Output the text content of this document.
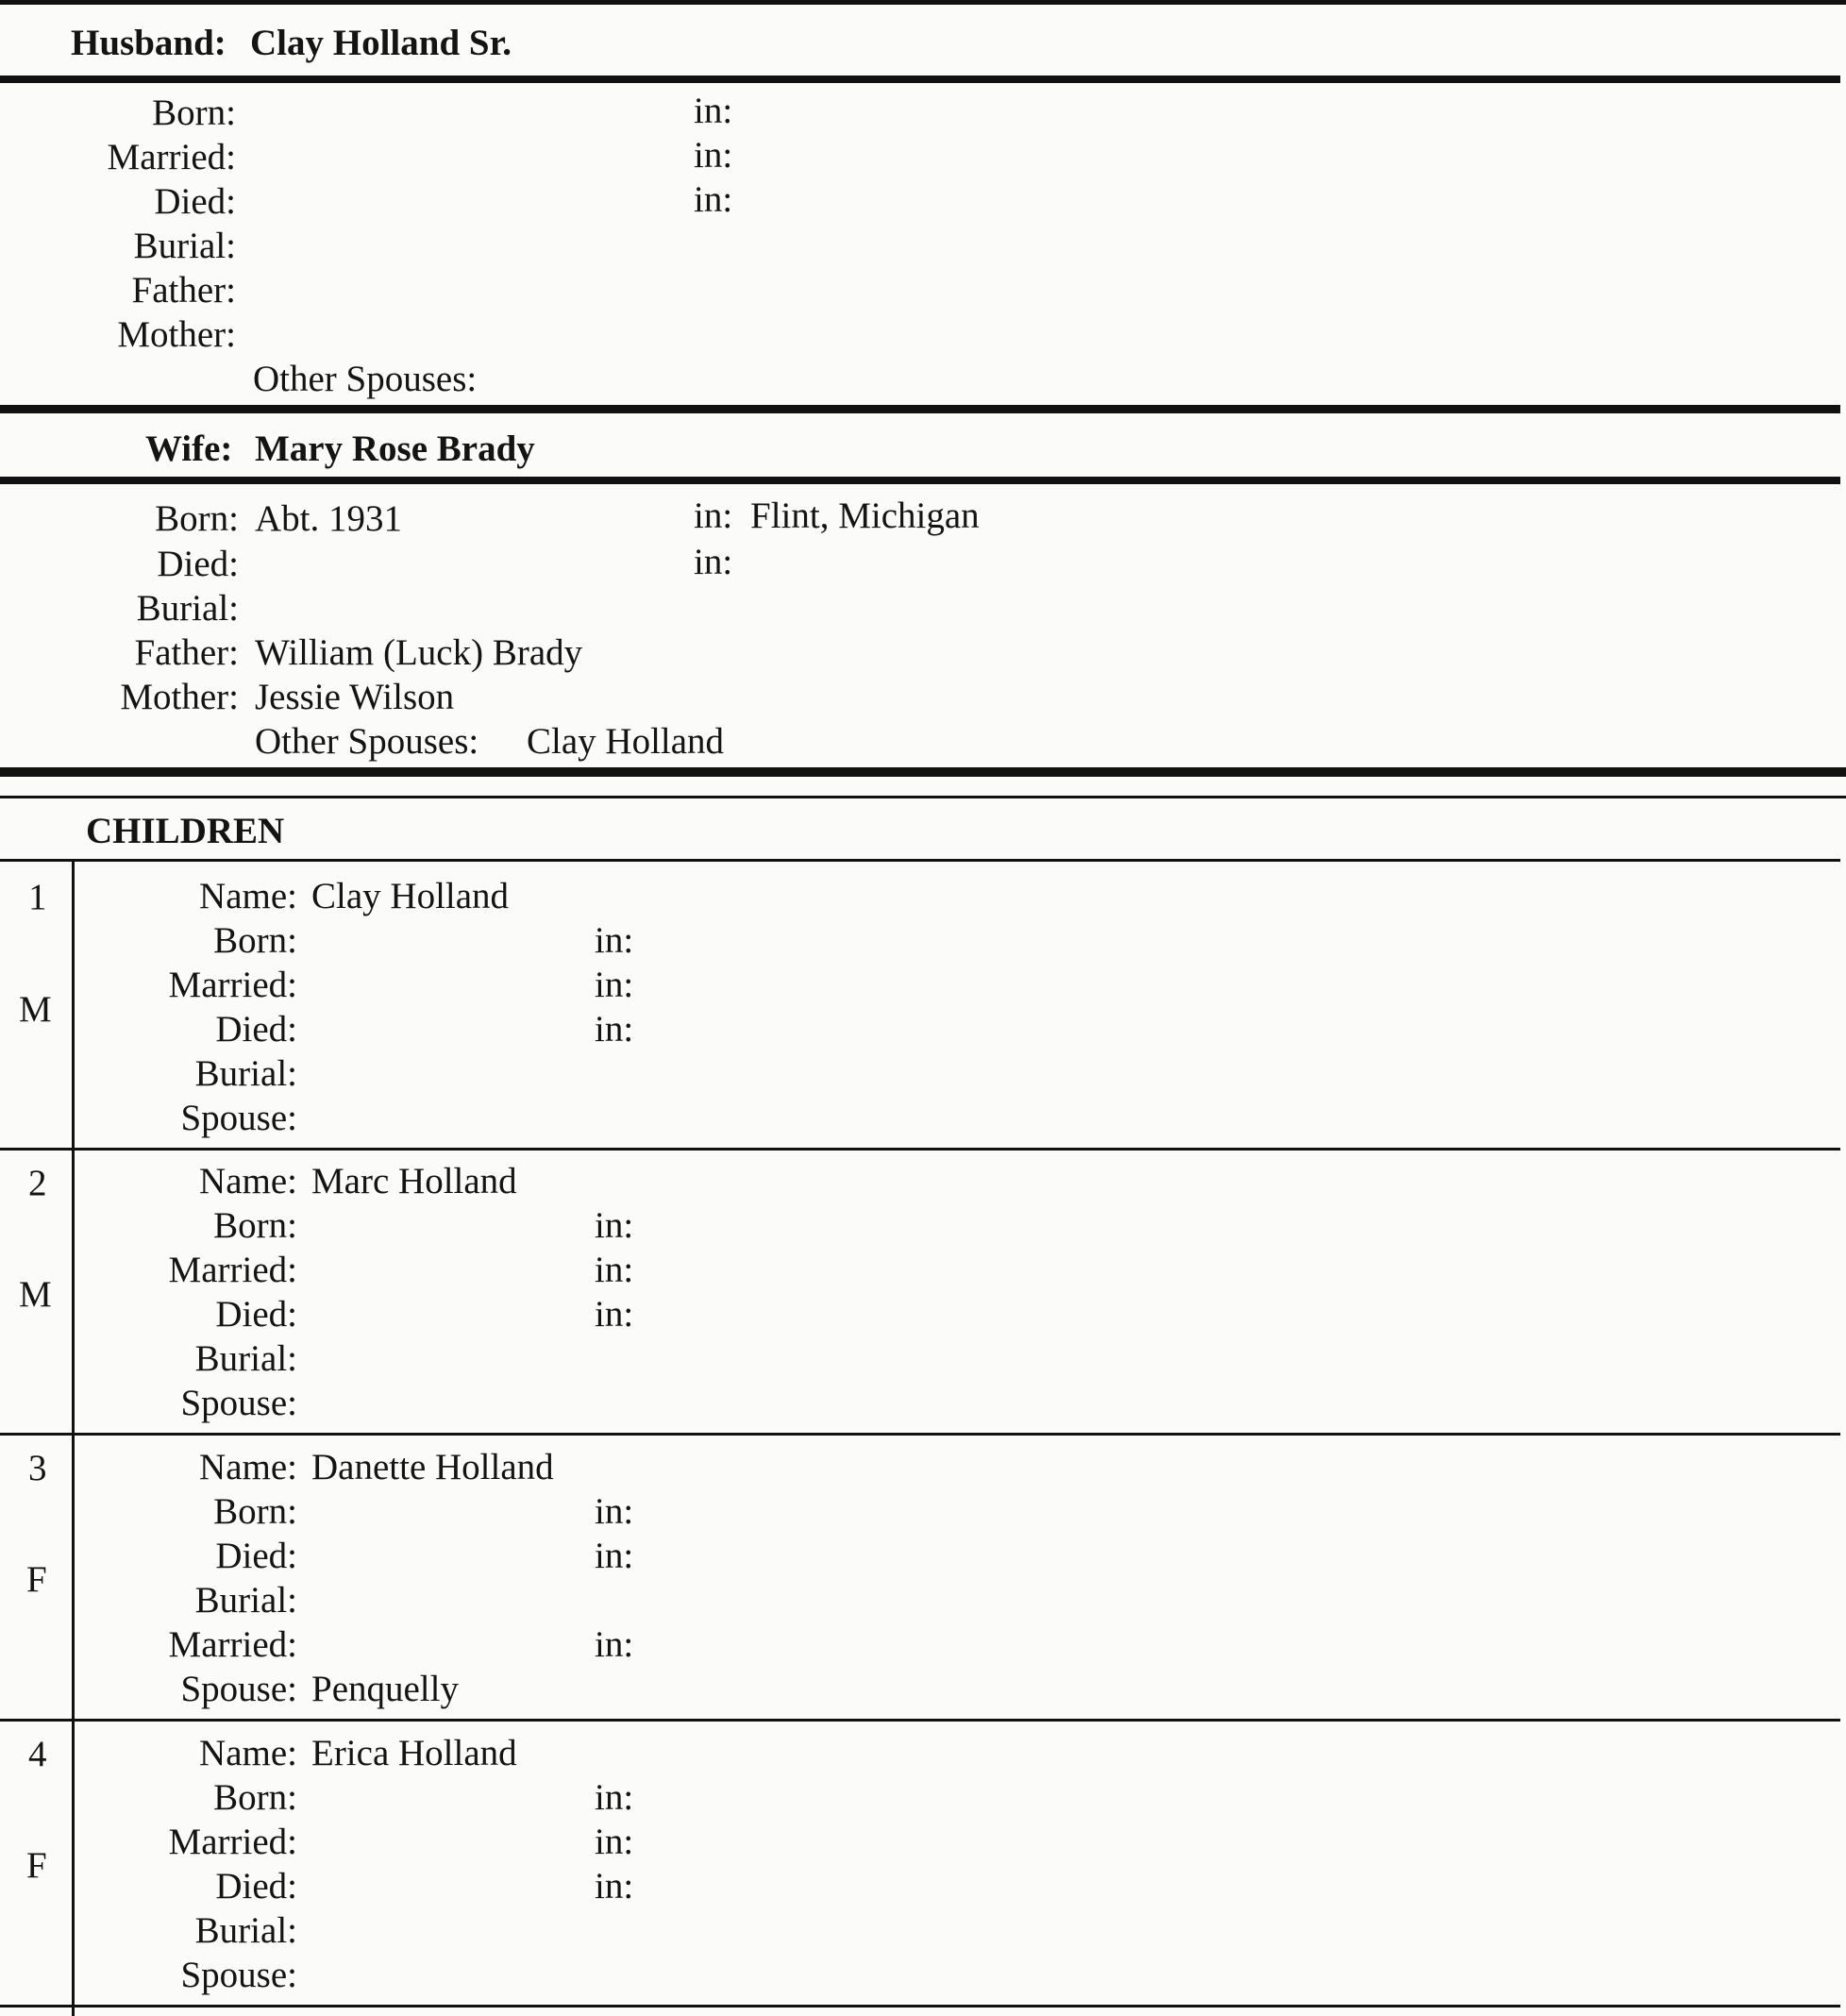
Husband: Clay Holland Sr.
Born:	in:
Married:	in:
Died:	in:
Burial:
Father:
Mother:
Other Spouses:
Wife: Mary Rose Brady
Born: Abt. 1931	in: Flint, Michigan
Died:	in:
Burial:
Father: William (Luck) Brady
Mother: Jessie Wilson
Other Spouses: Clay Holland
CHILDREN
1
M
Name: Clay Holland
Born:	in:
Married:	in:
Died:	in:
Burial:
Spouse:
2
M
Name: Marc Holland
Born:	in:
Married:	in:
Died:	in:
Burial:
Spouse:
3
F
Name: Danette Holland
Born:	in:
Died:	in:
Burial:
Married:	in:
Spouse: Penquelly
4
F
Name: Erica Holland
Born:	in:
Married:	in:
Died:	in:
Burial:
Spouse:
